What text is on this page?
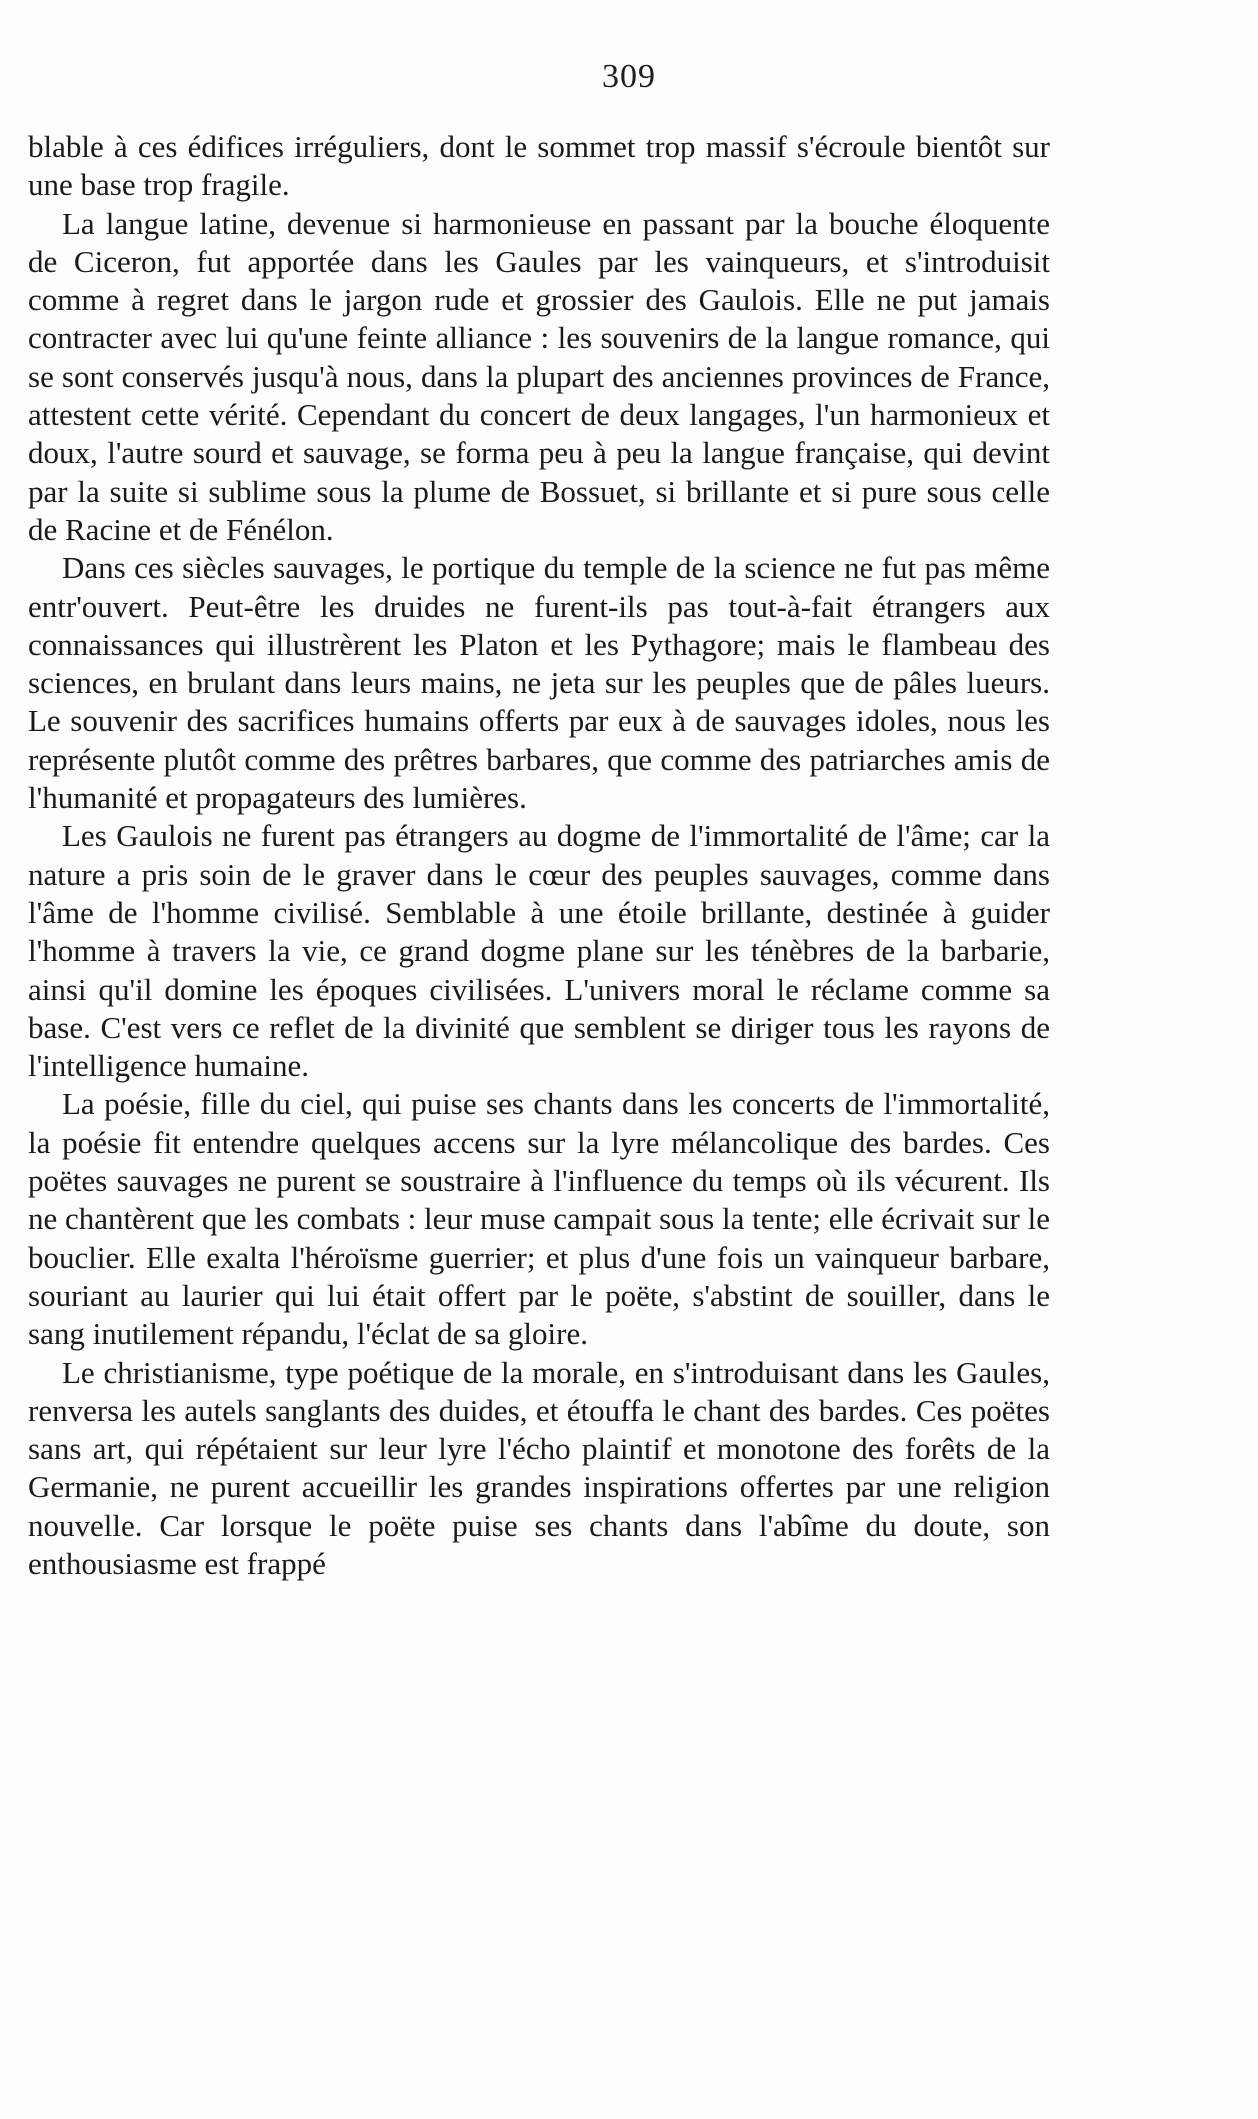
309

blable à ces édifices irréguliers, dont le sommet trop massif s'écroule bientôt sur une base trop fragile.

La langue latine, devenue si harmonieuse en passant par la bouche éloquente de Ciceron, fut apportée dans les Gaules par les vainqueurs, et s'introduisit comme à regret dans le jargon rude et grossier des Gaulois. Elle ne put jamais contracter avec lui qu'une feinte alliance : les souvenirs de la langue romance, qui se sont conservés jusqu'à nous, dans la plupart des anciennes provinces de France, attestent cette vérité. Cependant du concert de deux langages, l'un harmonieux et doux, l'autre sourd et sauvage, se forma peu à peu la langue française, qui devint par la suite si sublime sous la plume de Bossuet, si brillante et si pure sous celle de Racine et de Fénélon.

Dans ces siècles sauvages, le portique du temple de la science ne fut pas même entr'ouvert. Peut-être les druides ne furent-ils pas tout-à-fait étrangers aux connaissances qui illustrèrent les Platon et les Pythagore; mais le flambeau des sciences, en brulant dans leurs mains, ne jeta sur les peuples que de pâles lueurs. Le souvenir des sacrifices humains offerts par eux à de sauvages idoles, nous les représente plutôt comme des prêtres barbares, que comme des patriarches amis de l'humanité et propagateurs des lumières.

Les Gaulois ne furent pas étrangers au dogme de l'immortalité de l'âme; car la nature a pris soin de le graver dans le cœur des peuples sauvages, comme dans l'âme de l'homme civilisé. Semblable à une étoile brillante, destinée à guider l'homme à travers la vie, ce grand dogme plane sur les ténèbres de la barbarie, ainsi qu'il domine les époques civilisées. L'univers moral le réclame comme sa base. C'est vers ce reflet de la divinité que semblent se diriger tous les rayons de l'intelligence humaine.

La poésie, fille du ciel, qui puise ses chants dans les concerts de l'immortalité, la poésie fit entendre quelques accens sur la lyre mélancolique des bardes. Ces poëtes sauvages ne purent se soustraire à l'influence du temps où ils vécurent. Ils ne chantèrent que les combats : leur muse campait sous la tente; elle écrivait sur le bouclier. Elle exalta l'héroïsme guerrier; et plus d'une fois un vainqueur barbare, souriant au laurier qui lui était offert par le poëte, s'abstint de souiller, dans le sang inutilement répandu, l'éclat de sa gloire.

Le christianisme, type poétique de la morale, en s'introduisant dans les Gaules, renversa les autels sanglants des duides, et étouffa le chant des bardes. Ces poëtes sans art, qui répétaient sur leur lyre l'écho plaintif et monotone des forêts de la Germanie, ne purent accueillir les grandes inspirations offertes par une religion nouvelle. Car lorsque le poëte puise ses chants dans l'abîme du doute, son enthousiasme est frappé
